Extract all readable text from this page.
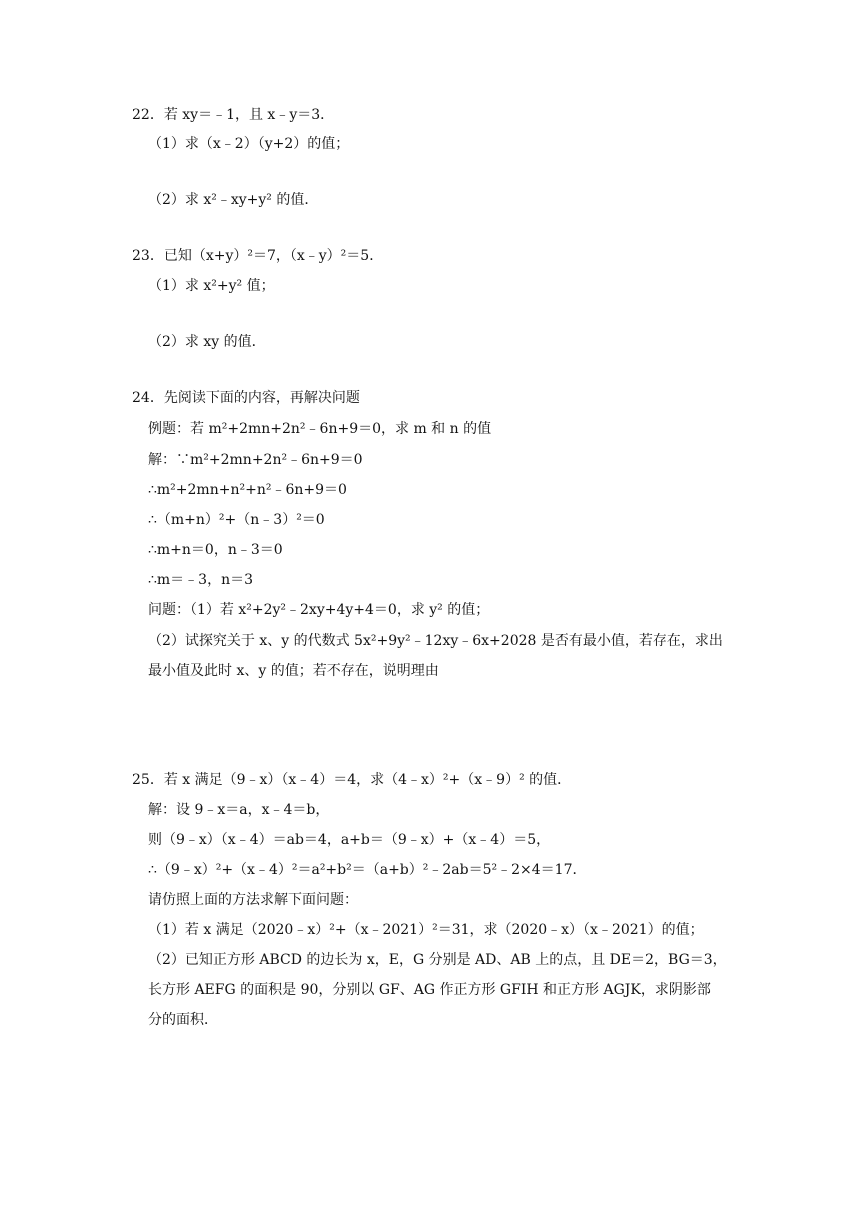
22．若 xy＝﹣1，且 x﹣y＝3．
（1）求（x﹣2）（y+2）的值；
（2）求 x²﹣xy+y² 的值．
23．已知（x+y）²＝7，（x﹣y）²＝5．
（1）求 x²+y² 值；
（2）求 xy 的值．
24．先阅读下面的内容，再解决问题
例题：若 m²+2mn+2n²﹣6n+9＝0，求 m 和 n 的值
解：∵m²+2mn+2n²﹣6n+9＝0
∴m²+2mn+n²+n²﹣6n+9＝0
∴（m+n）²+（n﹣3）²＝0
∴m+n＝0，n﹣3＝0
∴m＝﹣3，n＝3
问题：（1）若 x²+2y²﹣2xy+4y+4＝0，求 y² 的值；
（2）试探究关于 x、y 的代数式 5x²+9y²﹣12xy﹣6x+2028 是否有最小值，若存在，求出
最小值及此时 x、y 的值；若不存在，说明理由
25．若 x 满足（9﹣x）（x﹣4）＝4，求（4﹣x）²+（x﹣9）² 的值．
解：设 9﹣x＝a，x﹣4＝b，
则（9﹣x）（x﹣4）＝ab＝4，a+b＝（9﹣x）+（x﹣4）＝5，
∴（9﹣x）²+（x﹣4）²＝a²+b²＝（a+b）²﹣2ab＝5²﹣2×4＝17．
请仿照上面的方法求解下面问题：
（1）若 x 满足（2020﹣x）²+（x﹣2021）²＝31，求（2020﹣x）（x﹣2021）的值；
（2）已知正方形 ABCD 的边长为 x，E，G 分别是 AD、AB 上的点，且 DE＝2，BG＝3，
长方形 AEFG 的面积是 90，分别以 GF、AG 作正方形 GFIH 和正方形 AGJK，求阴影部
分的面积．
